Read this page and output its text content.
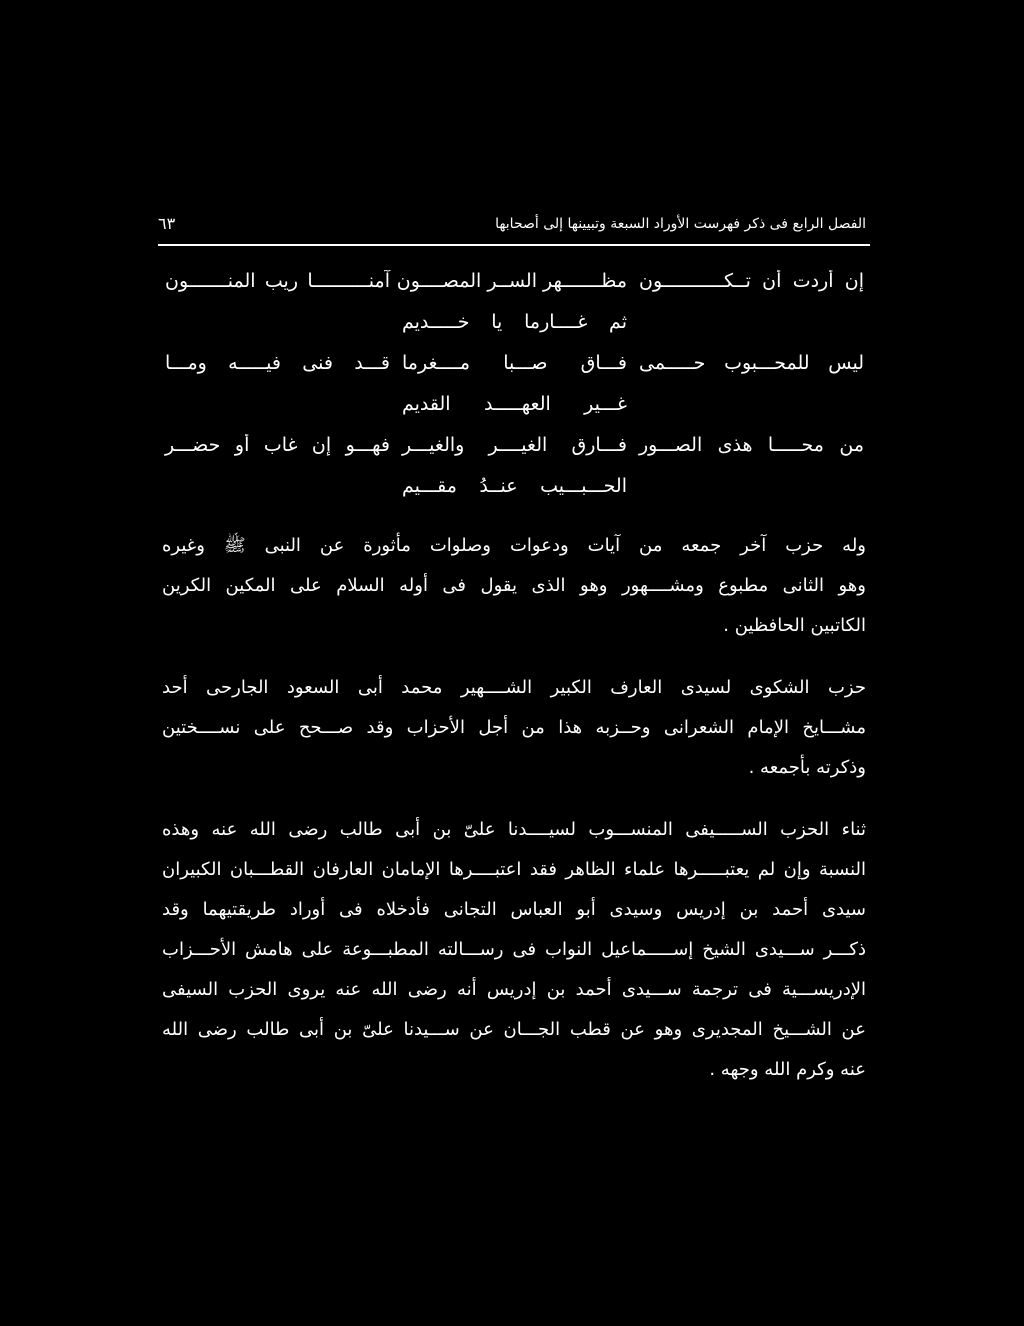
الفصل الرابع فى ذكر فهرست الأوراد السبعة وتبيينها إلى أصحابها
٦٣
إن أردت أن تــكـــــــــــون
مظـــــــهر الســر المصــــون
آمنــــــــــا ريب المنـــــــون
ثم غــــارما يا خـــــديم
ليس للمحـــبوب حـــــمى
فـــاق صـــبا مــــغرما
قـــد فنى فيـــــه ومـــا
غـــير العهـــــد القديم
من محـــــا هذى الصـــور
فـــارق الغيــــر والغيـــر
فهـــو إن غاب أو حضـــر
الحـــبـــيب عنــدُ مقـــيم
وله حزب آخر جمعه من آيات ودعوات وصلوات مأثورة عن النبى ﷺ وغيره
وهو الثانى مطبوع ومشــــهور وهو الذى يقول فى أوله السلام على المكين الكرين
الكاتبين الحافظين .
حزب الشكوى لسيدى العارف الكبير الشــــهير محمد أبى السعود الجارحى أحد
مشـــايخ الإمام الشعرانى وحــزبه هذا من أجل الأحزاب وقد صـــحح على نســــختين
وذكرته بأجمعه .
ثناء الحزب الســـــيفى المنســـوب لسيــــدنا علىّ بن أبى طالب رضى الله عنه وهذه
النسبة وإن لم يعتبـــــرها علماء الظاهر فقد اعتبــــرها الإمامان العارفان القطـــبان الكبيران
سيدى أحمد بن إدريس وسيدى أبو العباس التجانى فأدخلاه فى أوراد طريقتيهما وقد
ذكـــر ســـيدى الشيخ إســـــماعيل النواب فى رســـالته المطبـــوعة على هامش الأحـــزاب
الإدريســـية فى ترجمة ســـيدى أحمد بن إدريس أنه رضى الله عنه يروى الحزب السيفى
عن الشـــيخ المجديرى وهو عن قطب الجـــان عن ســـيدنا علىّ بن أبى طالب رضى الله
عنه وكرم الله وجهه .
